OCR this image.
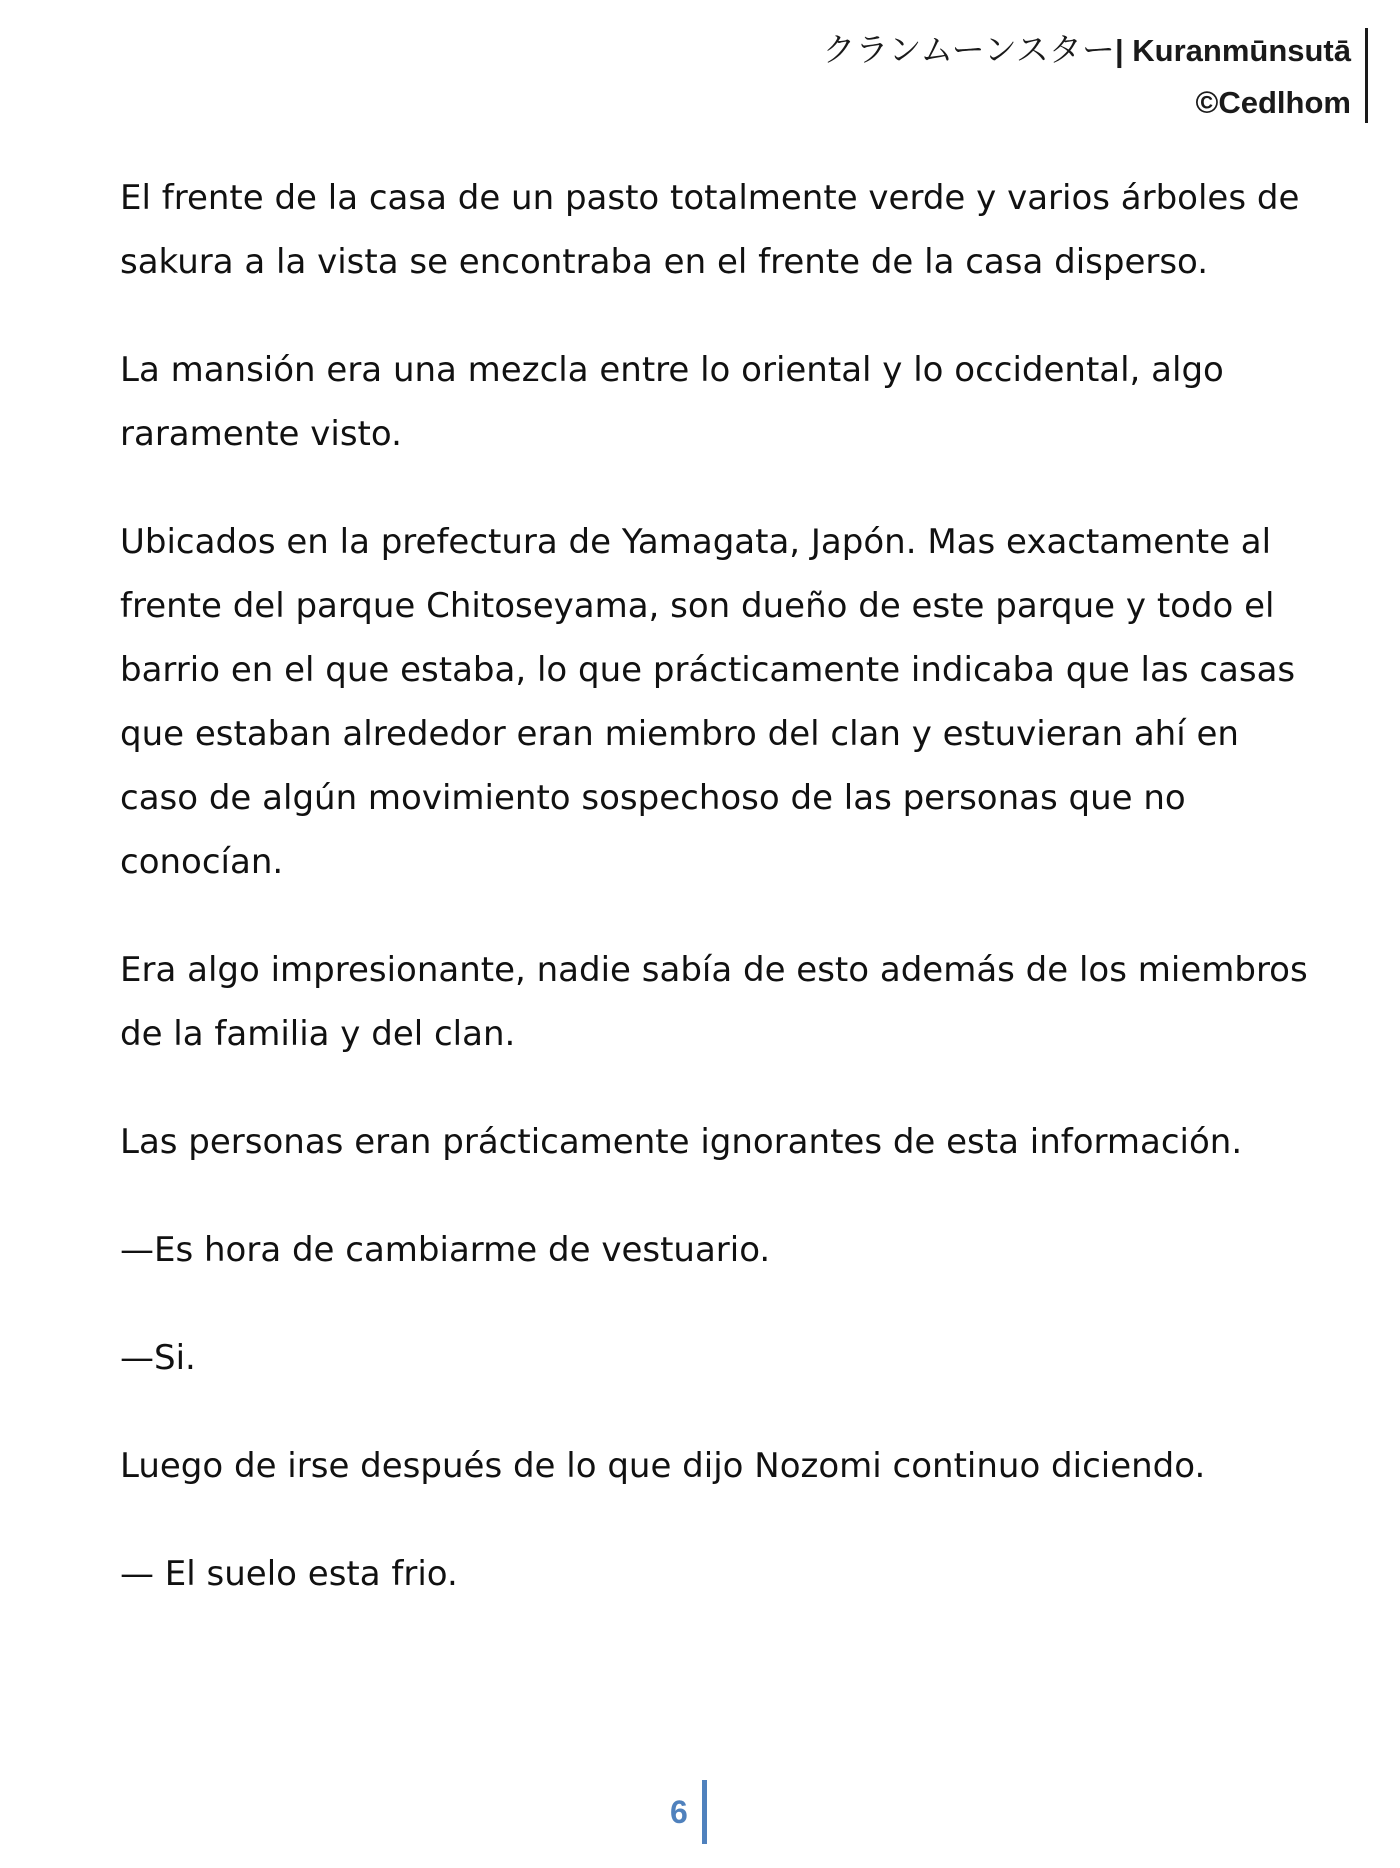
クランムーンスター| Kuranmūnsutā
©Cedlhom

El frente de la casa de un pasto totalmente verde y varios árboles de sakura a la vista se encontraba en el frente de la casa disperso.

La mansión era una mezcla entre lo oriental y lo occidental, algo raramente visto.

Ubicados en la prefectura de Yamagata, Japón. Mas exactamente al frente del parque Chitoseyama, son dueño de este parque y todo el barrio en el que estaba, lo que prácticamente indicaba que las casas que estaban alrededor eran miembro del clan y estuvieran ahí en caso de algún movimiento sospechoso de las personas que no conocían.

Era algo impresionante, nadie sabía de esto además de los miembros de la familia y del clan.

Las personas eran prácticamente ignorantes de esta información.

—Es hora de cambiarme de vestuario.

—Si.

Luego de irse después de lo que dijo Nozomi continuo diciendo.

— El suelo esta frio.

6
